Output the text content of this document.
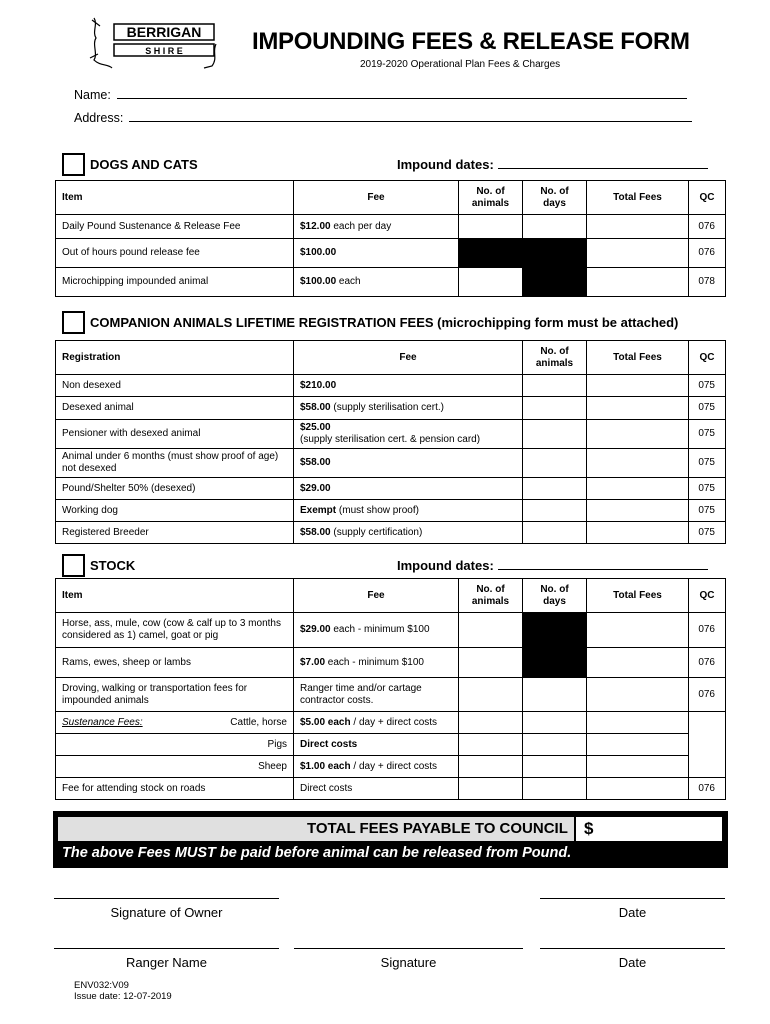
BERRIGAN
S H I R E	IMPOUNDING FEES & RELEASE FORM
2019-2020 Operational Plan Fees & Charges
Name:
Address:
DOGS AND CATS	Impound dates:
Item	Fee	No. of animals	No. of days	Total Fees	QC
Daily Pound Sustenance & Release Fee	$12.00 each per day				076
Out of hours pound release fee	$100.00				076
Microchipping impounded animal	$100.00 each				078
COMPANION ANIMALS LIFETIME REGISTRATION FEES (microchipping form must be attached)
Registration	Fee	No. of animals	Total Fees	QC
Non desexed	$210.00			075
Desexed animal	$58.00 (supply sterilisation cert.)			075
Pensioner with desexed animal	$25.00
(supply sterilisation cert. & pension card)			075
Animal under 6 months (must show proof of age) not desexed	$58.00			075
Pound/Shelter 50% (desexed)	$29.00			075
Working dog	Exempt (must show proof)			075
Registered Breeder	$58.00 (supply certification)			075
STOCK	Impound dates:
Item	Fee	No. of animals	No. of days	Total Fees	QC
Horse, ass, mule, cow (cow & calf up to 3 months considered as 1) camel, goat or pig	$29.00 each - minimum $100				076
Rams, ewes, sheep or lambs	$7.00 each - minimum $100				076
Droving, walking or transportation fees for impounded animals	Ranger time and/or cartage contractor costs.				076
Sustenance Fees: Cattle, horse	$5.00 each / day + direct costs				
Pigs	Direct costs				
Sheep	$1.00 each / day + direct costs				
Fee for attending stock on roads	Direct costs				076
TOTAL FEES PAYABLE TO COUNCIL $
The above Fees MUST be paid before animal can be released from Pound.
Signature of Owner	Date
Ranger Name	Signature	Date
ENV032:V09
Issue date: 12-07-2019
